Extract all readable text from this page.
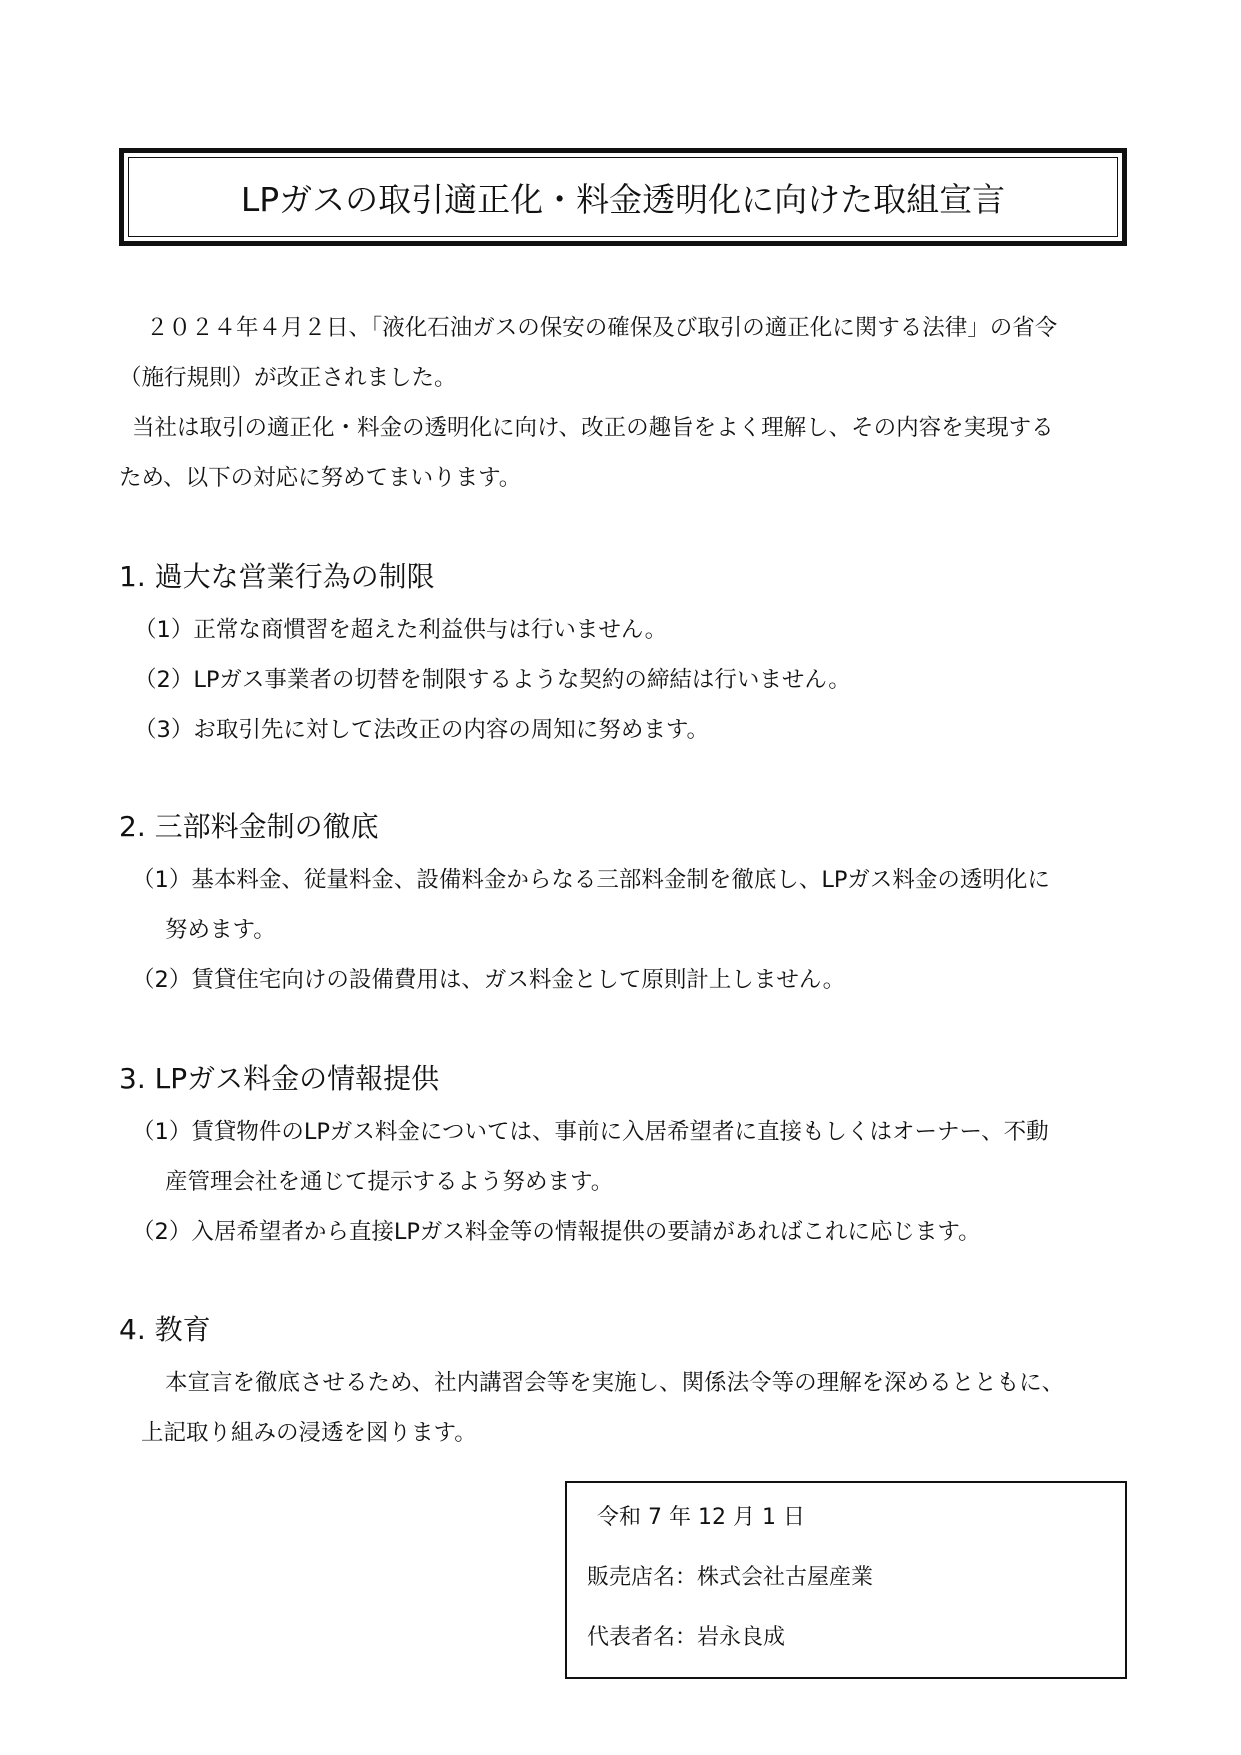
LPガスの取引適正化・料金透明化に向けた取組宣言
２０２４年４月２日、「液化石油ガスの保安の確保及び取引の適正化に関する法律」の省令
（施行規則）が改正されました。
当社は取引の適正化・料金の透明化に向け、改正の趣旨をよく理解し、その内容を実現する
ため、以下の対応に努めてまいります。
1. 過大な営業行為の制限
（1）正常な商慣習を超えた利益供与は行いません。
（2）LPガス事業者の切替を制限するような契約の締結は行いません。
（3）お取引先に対して法改正の内容の周知に努めます。
2. 三部料金制の徹底
（1）基本料金、従量料金、設備料金からなる三部料金制を徹底し、LPガス料金の透明化に
努めます。
（2）賃貸住宅向けの設備費用は、ガス料金として原則計上しません。
3. LPガス料金の情報提供
（1）賃貸物件のLPガス料金については、事前に入居希望者に直接もしくはオーナー、不動
産管理会社を通じて提示するよう努めます。
（2）入居希望者から直接LPガス料金等の情報提供の要請があればこれに応じます。
4. 教育
本宣言を徹底させるため、社内講習会等を実施し、関係法令等の理解を深めるとともに、
上記取り組みの浸透を図ります。
令和 7 年 12 月 1 日
販売店名：株式会社古屋産業
代表者名：岩永良成
